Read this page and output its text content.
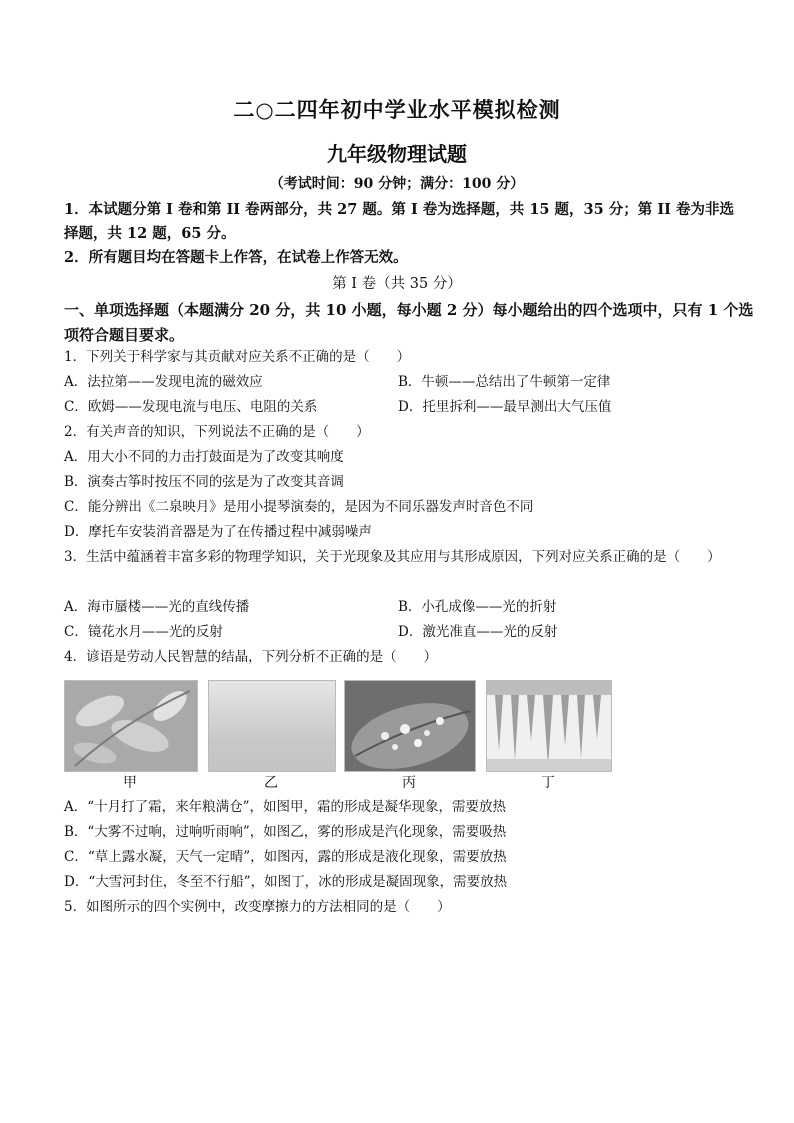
二○二四年初中学业水平模拟检测
九年级物理试题
（考试时间：90 分钟；满分：100 分）
1．本试题分第 I 卷和第 II 卷两部分，共 27 题。第 I 卷为选择题，共 15 题，35 分；第 II 卷为非选择题，共 12 题，65 分。
2．所有题目均在答题卡上作答，在试卷上作答无效。
第 I 卷（共 35 分）
一、单项选择题（本题满分 20 分，共 10 小题，每小题 2 分）每小题给出的四个选项中，只有 1 个选项符合题目要求。
1．下列关于科学家与其贡献对应关系不正确的是（　　）
A．法拉第——发现电流的磁效应	B．牛顿——总结出了牛顿第一定律
C．欧姆——发现电流与电压、电阻的关系	D．托里拆利——最早测出大气压值
2．有关声音的知识，下列说法不正确的是（　　）
A．用大小不同的力击打鼓面是为了改变其响度
B．演奏古筝时按压不同的弦是为了改变其音调
C．能分辨出《二泉映月》是用小提琴演奏的，是因为不同乐器发声时音色不同
D．摩托车安装消音器是为了在传播过程中减弱噪声
3．生活中蕴涵着丰富多彩的物理学知识，关于光现象及其应用与其形成原因，下列对应关系正确的是（　　）
A．海市蜃楼——光的直线传播	B．小孔成像——光的折射
C．镜花水月——光的反射	D．激光准直——光的反射
4．谚语是劳动人民智慧的结晶，下列分析不正确的是（　　）
甲	乙	丙	丁
A．“十月打了霜，来年粮满仓”，如图甲，霜的形成是凝华现象，需要放热
B．“大雾不过响，过响听雨响”，如图乙，雾的形成是汽化现象，需要吸热
C．“草上露水凝，天气一定晴”，如图丙，露的形成是液化现象，需要放热
D．“大雪河封住，冬至不行船”，如图丁，冰的形成是凝固现象，需要放热
5．如图所示的四个实例中，改变摩擦力的方法相同的是（　　）
